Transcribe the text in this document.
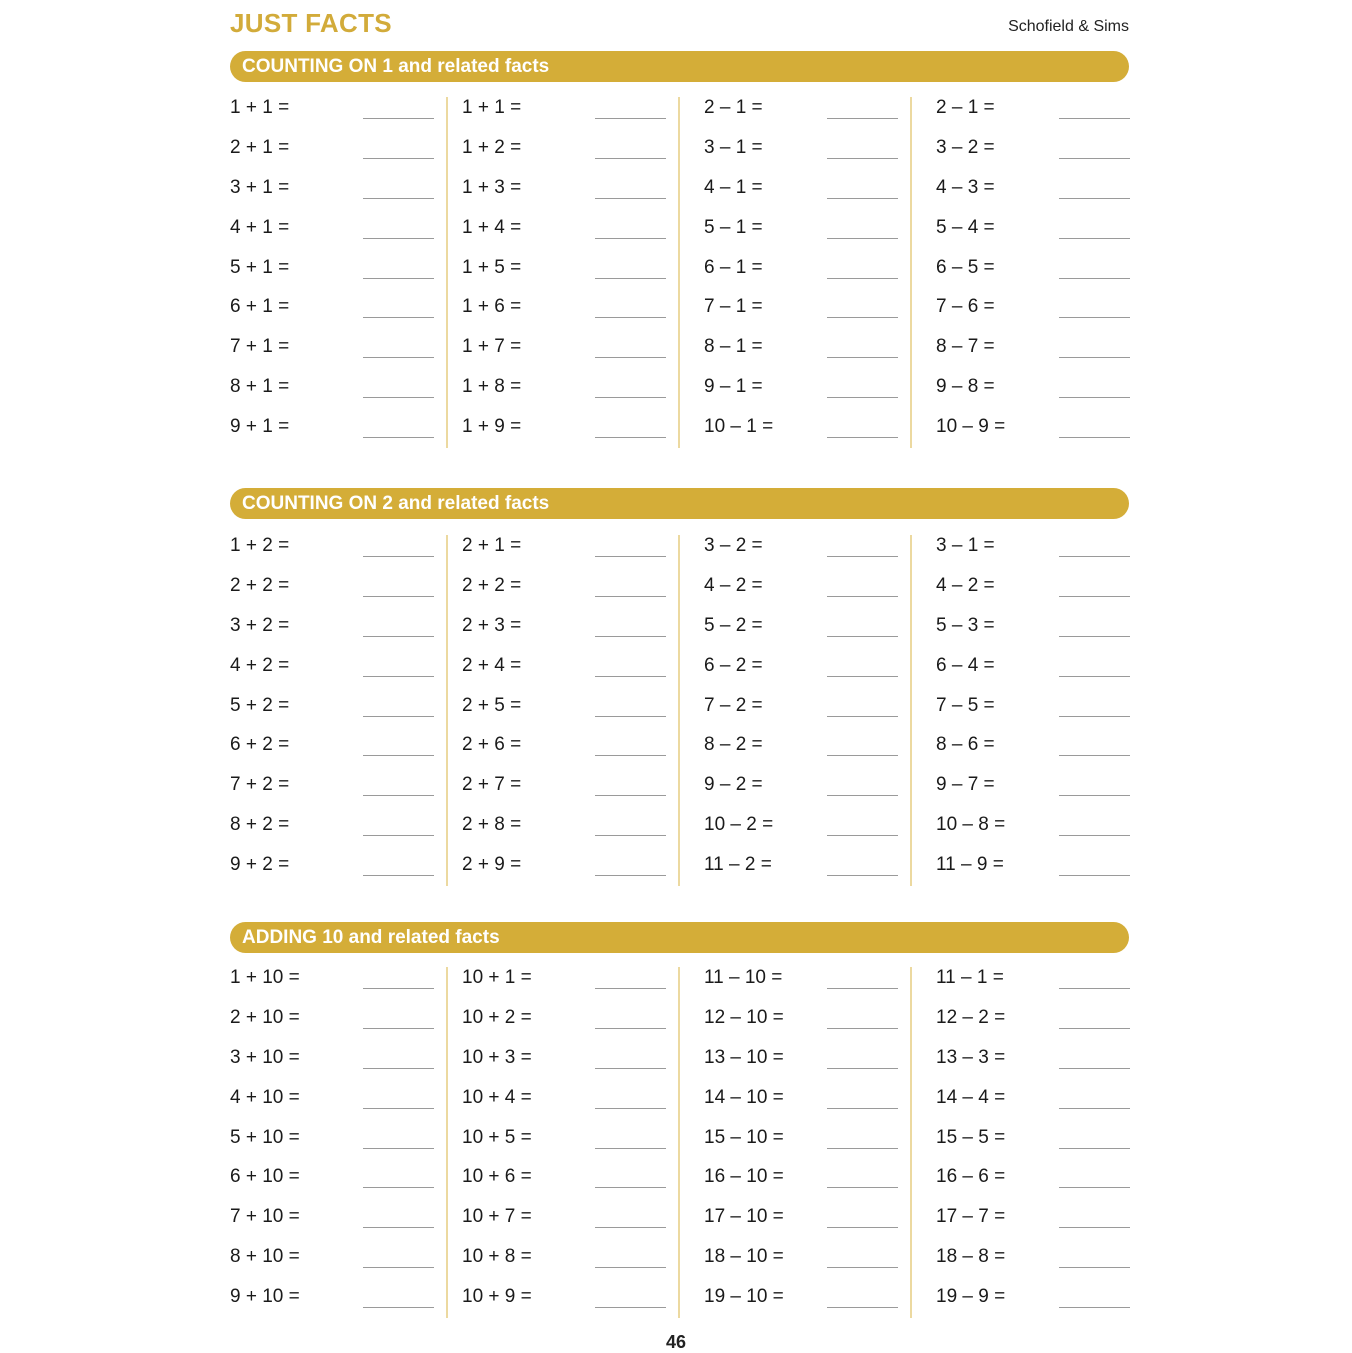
JUST FACTS	Schofield & Sims
COUNTING ON 1 and related facts
1 + 1 =
2 + 1 =
3 + 1 =
4 + 1 =
5 + 1 =
6 + 1 =
7 + 1 =
8 + 1 =
9 + 1 =
1 + 1 =
1 + 2 =
1 + 3 =
1 + 4 =
1 + 5 =
1 + 6 =
1 + 7 =
1 + 8 =
1 + 9 =
2 – 1 =
3 – 1 =
4 – 1 =
5 – 1 =
6 – 1 =
7 – 1 =
8 – 1 =
9 – 1 =
10 – 1 =
2 – 1 =
3 – 2 =
4 – 3 =
5 – 4 =
6 – 5 =
7 – 6 =
8 – 7 =
9 – 8 =
10 – 9 =
COUNTING ON 2 and related facts
1 + 2 =
2 + 2 =
3 + 2 =
4 + 2 =
5 + 2 =
6 + 2 =
7 + 2 =
8 + 2 =
9 + 2 =
2 + 1 =
2 + 2 =
2 + 3 =
2 + 4 =
2 + 5 =
2 + 6 =
2 + 7 =
2 + 8 =
2 + 9 =
3 – 2 =
4 – 2 =
5 – 2 =
6 – 2 =
7 – 2 =
8 – 2 =
9 – 2 =
10 – 2 =
11 – 2 =
3 – 1 =
4 – 2 =
5 – 3 =
6 – 4 =
7 – 5 =
8 – 6 =
9 – 7 =
10 – 8 =
11 – 9 =
ADDING 10 and related facts
1 + 10 =
2 + 10 =
3 + 10 =
4 + 10 =
5 + 10 =
6 + 10 =
7 + 10 =
8 + 10 =
9 + 10 =
10 + 1 =
10 + 2 =
10 + 3 =
10 + 4 =
10 + 5 =
10 + 6 =
10 + 7 =
10 + 8 =
10 + 9 =
11 – 10 =
12 – 10 =
13 – 10 =
14 – 10 =
15 – 10 =
16 – 10 =
17 – 10 =
18 – 10 =
19 – 10 =
11 – 1 =
12 – 2 =
13 – 3 =
14 – 4 =
15 – 5 =
16 – 6 =
17 – 7 =
18 – 8 =
19 – 9 =
46
